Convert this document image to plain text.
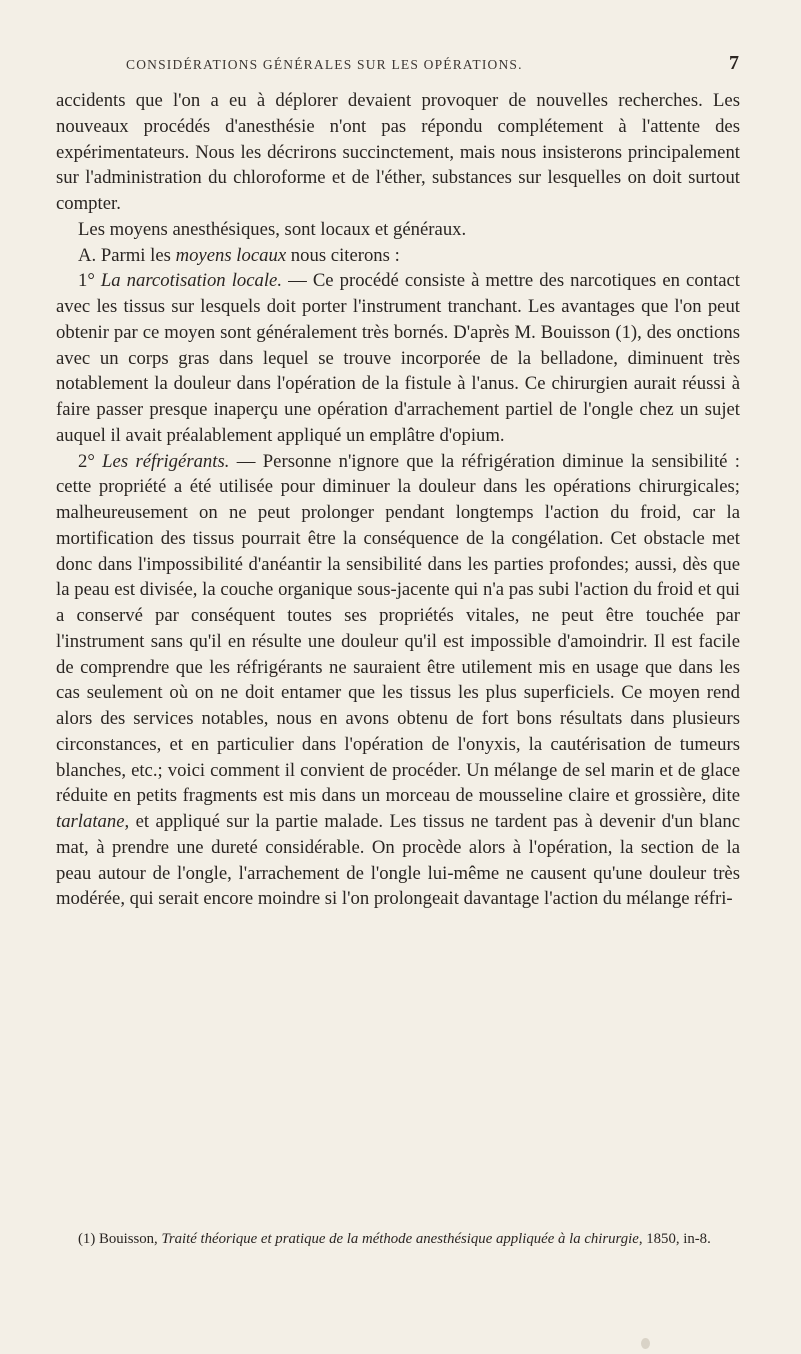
CONSIDÉRATIONS GÉNÉRALES SUR LES OPÉRATIONS.	7

accidents que l'on a eu à déplorer devaient provoquer de nouvelles recherches. Les nouveaux procédés d'anesthésie n'ont pas répondu complétement à l'attente des expérimentateurs. Nous les décrirons succinctement, mais nous insisterons principalement sur l'administration du chloroforme et de l'éther, substances sur lesquelles on doit surtout compter.

Les moyens anesthésiques, sont locaux et généraux.

A. Parmi les moyens locaux nous citerons :

1° La narcotisation locale. — Ce procédé consiste à mettre des narcotiques en contact avec les tissus sur lesquels doit porter l'instrument tranchant. Les avantages que l'on peut obtenir par ce moyen sont généralement très bornés. D'après M. Bouisson (1), des onctions avec un corps gras dans lequel se trouve incorporée de la belladone, diminuent très notablement la douleur dans l'opération de la fistule à l'anus. Ce chirurgien aurait réussi à faire passer presque inaperçu une opération d'arrachement partiel de l'ongle chez un sujet auquel il avait préalablement appliqué un emplâtre d'opium.

2° Les réfrigérants. — Personne n'ignore que la réfrigération diminue la sensibilité : cette propriété a été utilisée pour diminuer la douleur dans les opérations chirurgicales; malheureusement on ne peut prolonger pendant longtemps l'action du froid, car la mortification des tissus pourrait être la conséquence de la congélation. Cet obstacle met donc dans l'impossibilité d'anéantir la sensibilité dans les parties profondes; aussi, dès que la peau est divisée, la couche organique sous-jacente qui n'a pas subi l'action du froid et qui a conservé par conséquent toutes ses propriétés vitales, ne peut être touchée par l'instrument sans qu'il en résulte une douleur qu'il est impossible d'amoindrir. Il est facile de comprendre que les réfrigérants ne sauraient être utilement mis en usage que dans les cas seulement où on ne doit entamer que les tissus les plus superficiels. Ce moyen rend alors des services notables, nous en avons obtenu de fort bons résultats dans plusieurs circonstances, et en particulier dans l'opération de l'onyxis, la cautérisation de tumeurs blanches, etc.; voici comment il convient de procéder. Un mélange de sel marin et de glace réduite en petits fragments est mis dans un morceau de mousseline claire et grossière, dite tarlatane, et appliqué sur la partie malade. Les tissus ne tardent pas à devenir d'un blanc mat, à prendre une dureté considérable. On procède alors à l'opération, la section de la peau autour de l'ongle, l'arrachement de l'ongle lui-même ne causent qu'une douleur très modérée, qui serait encore moindre si l'on prolongeait davantage l'action du mélange réfri-

(1) Bouisson, Traité théorique et pratique de la méthode anesthésique appliquée à la chirurgie, 1850, in-8.
